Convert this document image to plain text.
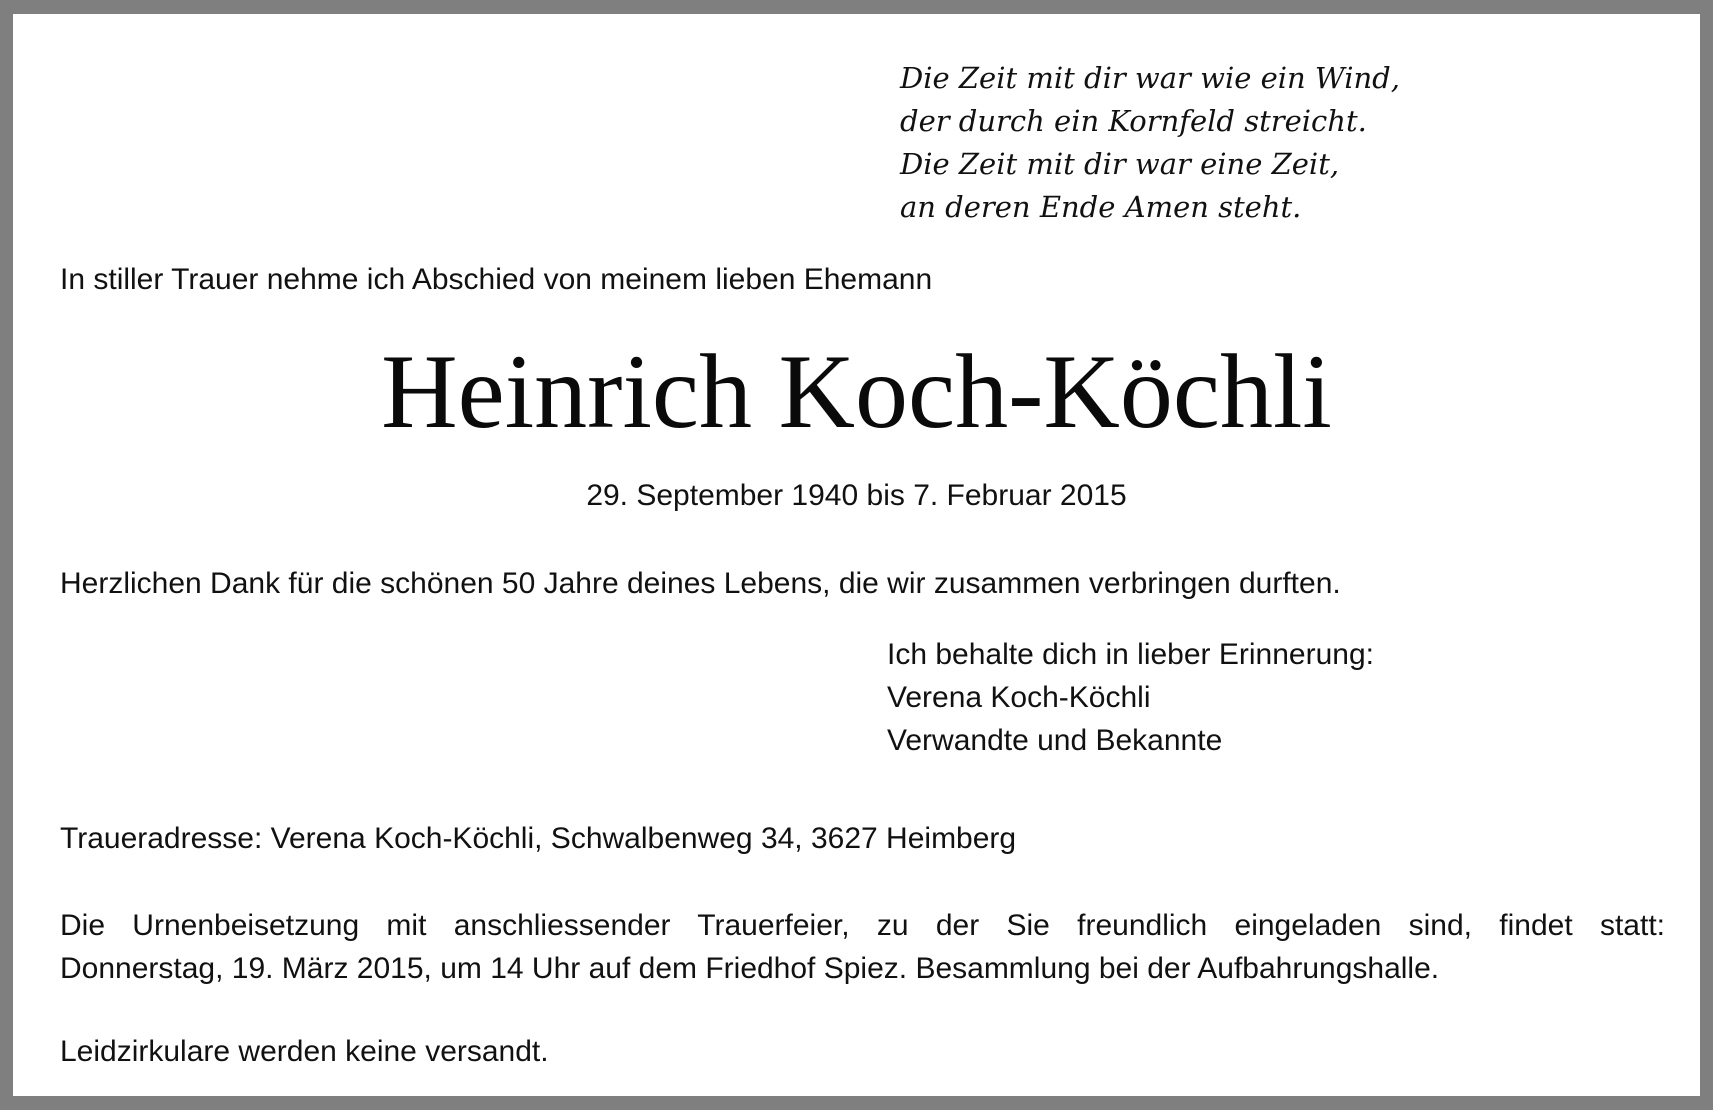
Die Zeit mit dir war wie ein Wind,
der durch ein Kornfeld streicht.
Die Zeit mit dir war eine Zeit,
an deren Ende Amen steht.

In stiller Trauer nehme ich Abschied von meinem lieben Ehemann

Heinrich Koch-Köchli
29. September 1940 bis 7. Februar 2015

Herzlichen Dank für die schönen 50 Jahre deines Lebens, die wir zusammen verbringen durften.

Ich behalte dich in lieber Erinnerung:
Verena Koch-Köchli
Verwandte und Bekannte

Traueradresse: Verena Koch-Köchli, Schwalbenweg 34, 3627 Heimberg

Die Urnenbeisetzung mit anschliessender Trauerfeier, zu der Sie freundlich eingeladen sind, findet statt:
Donnerstag, 19. März 2015, um 14 Uhr auf dem Friedhof Spiez. Besammlung bei der Aufbahrungshalle.

Leidzirkulare werden keine versandt.
